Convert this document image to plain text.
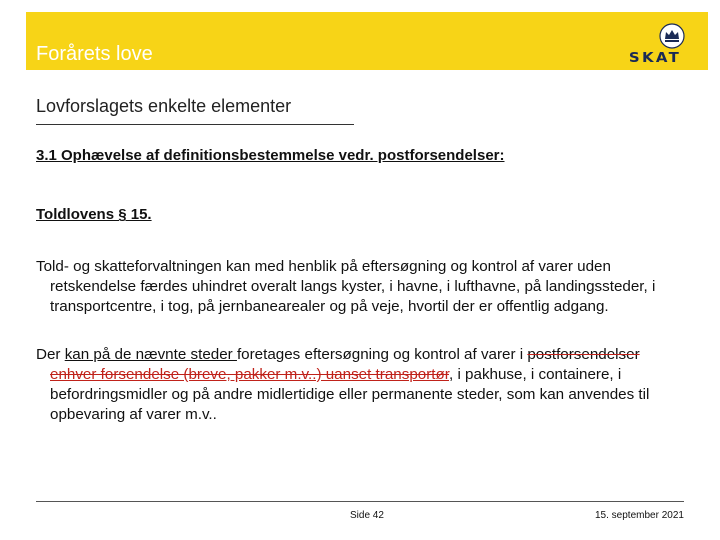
Forårets love	SKAT
Lovforslagets enkelte elementer
3.1 Ophævelse af definitionsbestemmelse vedr. postforsendelser:
Toldlovens § 15.
Told- og skatteforvaltningen kan med henblik på eftersøgning og kontrol af varer uden retskendelse færdes uhindret overalt langs kyster, i havne, i lufthavne, på landingssteder, i transportcentre, i tog, på jernbanearealer og på veje, hvortil der er offentlig adgang.
Der kan på de nævnte steder foretages eftersøgning og kontrol af varer i postforsendelser enhver forsendelse (breve, pakker m.v..) uanset transportør, i pakhuse, i containere, i befordringsmidler og på andre midlertidige eller permanente steder, som kan anvendes til opbevaring af varer m.v..
Side 42	15. september 2021
